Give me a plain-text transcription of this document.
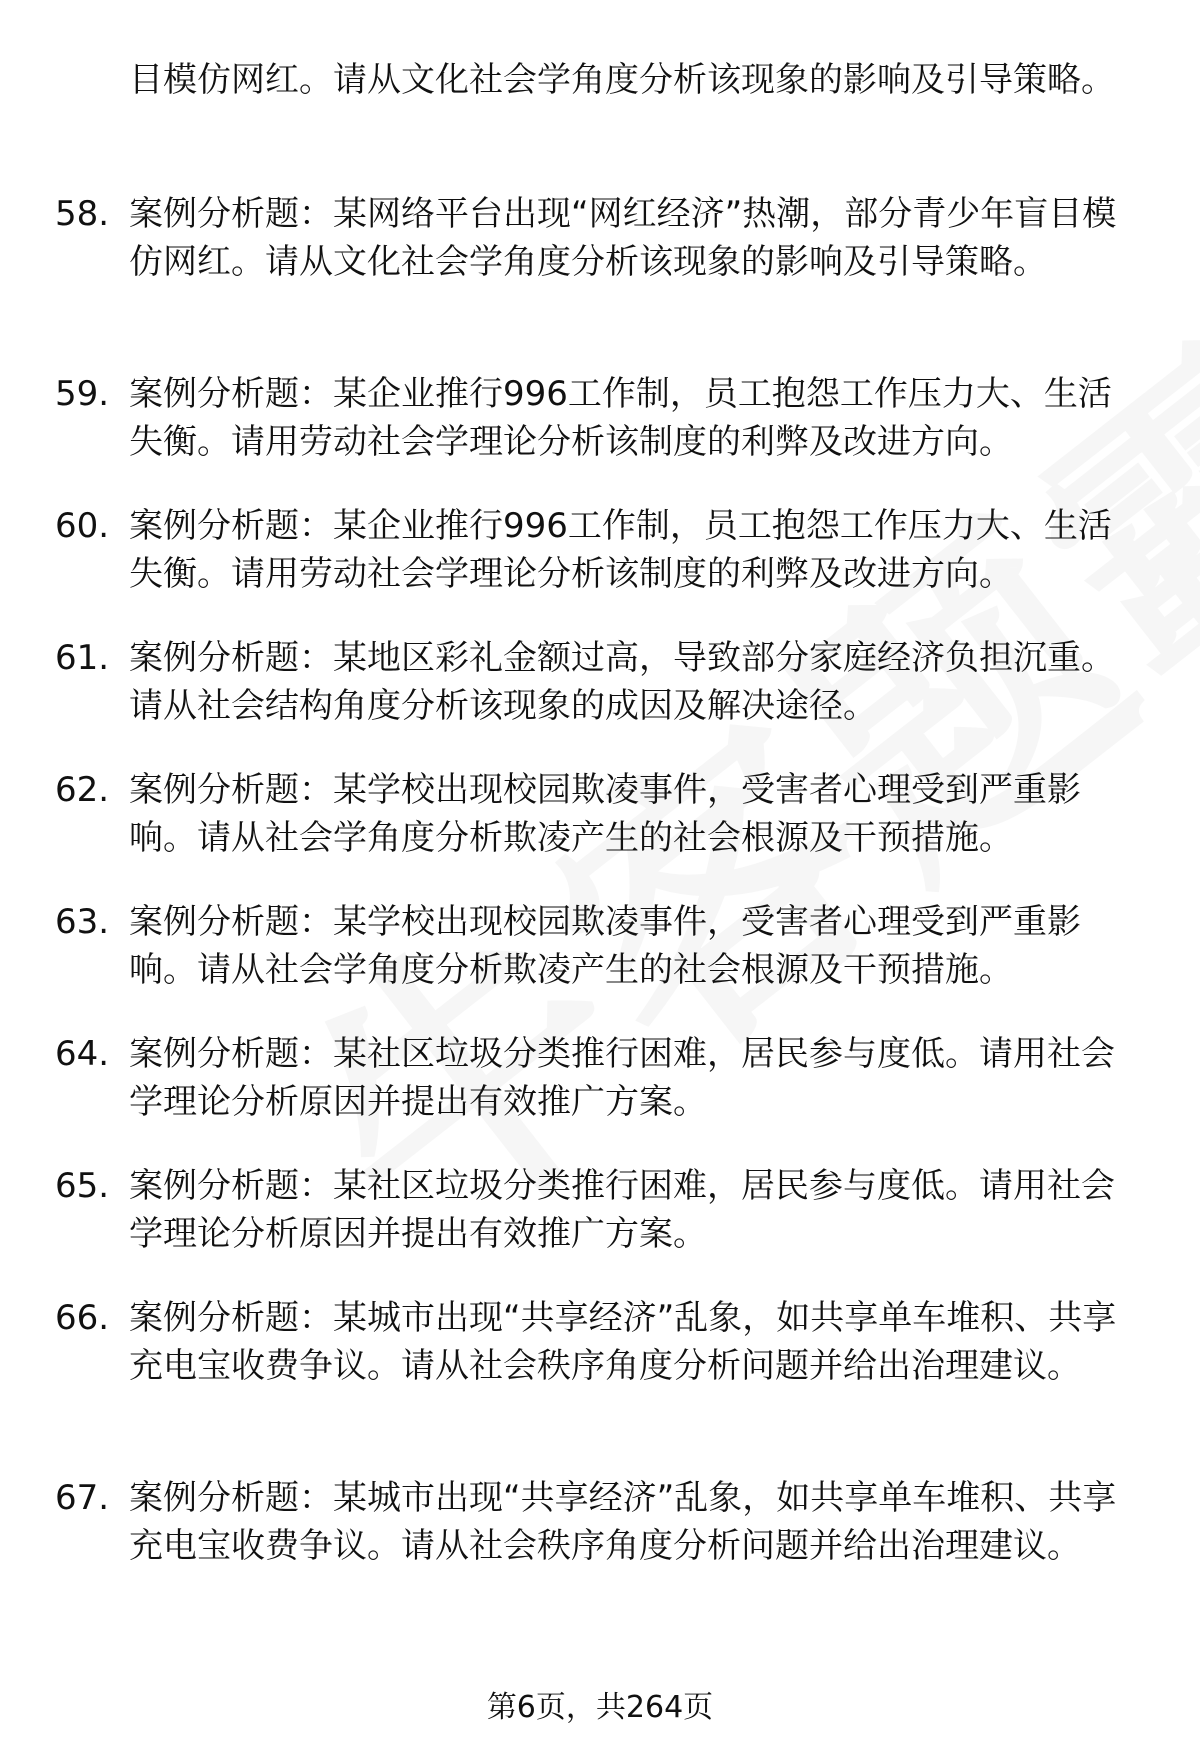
目模仿网红。请从文化社会学角度分析该现象的影响及引导策略。
58. 案例分析题：某网络平台出现“网红经济”热潮，部分青少年盲目模仿网红。请从文化社会学角度分析该现象的影响及引导策略。
59. 案例分析题：某企业推行996工作制，员工抱怨工作压力大、生活失衡。请用劳动社会学理论分析该制度的利弊及改进方向。
60. 案例分析题：某企业推行996工作制，员工抱怨工作压力大、生活失衡。请用劳动社会学理论分析该制度的利弊及改进方向。
61. 案例分析题：某地区彩礼金额过高，导致部分家庭经济负担沉重。请从社会结构角度分析该现象的成因及解决途径。
62. 案例分析题：某学校出现校园欺凌事件，受害者心理受到严重影响。请从社会学角度分析欺凌产生的社会根源及干预措施。
63. 案例分析题：某学校出现校园欺凌事件，受害者心理受到严重影响。请从社会学角度分析欺凌产生的社会根源及干预措施。
64. 案例分析题：某社区垃圾分类推行困难，居民参与度低。请用社会学理论分析原因并提出有效推广方案。
65. 案例分析题：某社区垃圾分类推行困难，居民参与度低。请用社会学理论分析原因并提出有效推广方案。
66. 案例分析题：某城市出现“共享经济”乱象，如共享单车堆积、共享充电宝收费争议。请从社会秩序角度分析问题并给出治理建议。
67. 案例分析题：某城市出现“共享经济”乱象，如共享单车堆积、共享充电宝收费争议。请从社会秩序角度分析问题并给出治理建议。
第6页，共264页
